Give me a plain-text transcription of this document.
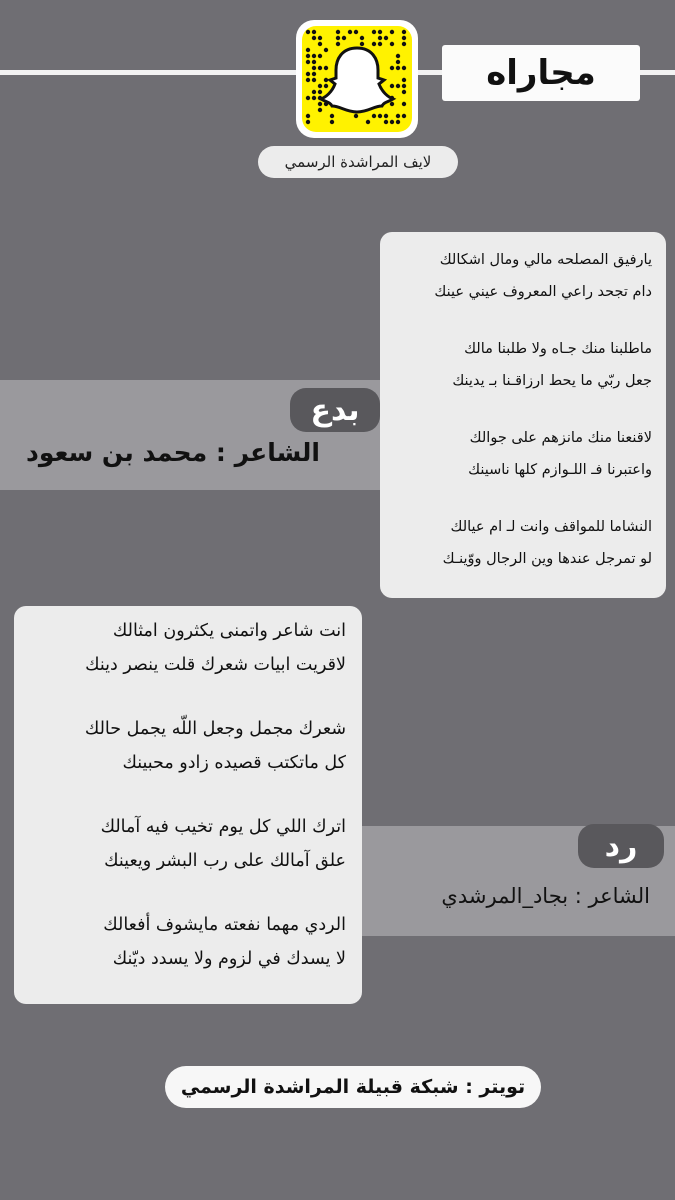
مجاراه
لايف المراشدة الرسمي
بدع
الشاعر : محمد بن سعود
يارفيق المصلحه مالي ومال اشكالك
دام تجحد راعي المعروف عيني عينك
ماطلبنا منك جـاه ولا طلبنا مالك
جعل ربّي ما يحط ارزاقـنا بـ يدينك
لاقنعنا منك مانزهم على جوالك
واعتبرنا فـ اللـوازم كلها ناسينك
النشاما للمواقف وانت لـ ام عيالك
لو تمرجل عندها وين الرجال ووّينـك
رد
الشاعر : بجاد_المرشدي
انت شاعر واتمنى يكثرون امثالك
لاقريت ابيات شعرك قلت ينصر دينك
شعرك مجمل وجعل اللّه يجمل حالك
كل ماتكتب قصيده زادو محبينك
اترك اللي كل يوم تخيب فيه آمالك
علق آمالك على رب البشر ويعينك
الردي مهما نفعته مايشوف أفعالك
لا يسدك في لزوم ولا يسدد ديّنك
تويتر : شبكة قبيلة المراشدة الرسمي
